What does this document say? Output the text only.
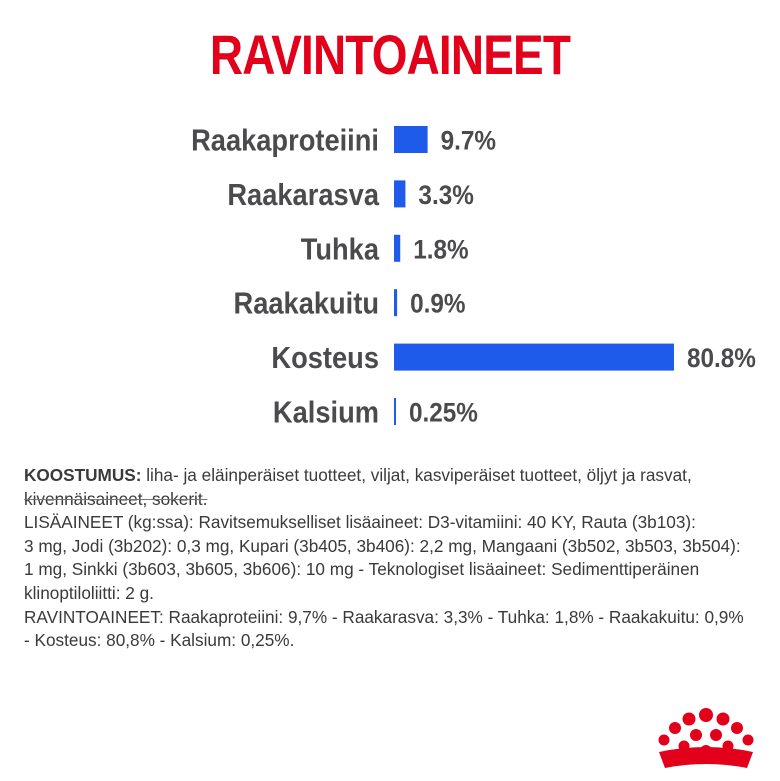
RAVINTOAINEET
Raakaproteiini 9.7%
Raakarasva 3.3%
Tuhka 1.8%
Raakakuitu 0.9%
Kosteus	80.8%
Kalsium 0.25%
KOOSTUMUS: liha- ja eläinperäiset tuotteet, viljat, kasviperäiset tuotteet, öljyt ja rasvat,
kivennäisaineet, sokerit.
LISÄAINEET (kg:ssa): Ravitsemukselliset lisäaineet: D3-vitamiini: 40 KY, Rauta (3b103):
3 mg, Jodi (3b202): 0,3 mg, Kupari (3b405, 3b406): 2,2 mg, Mangaani (3b502, 3b503, 3b504):
1 mg, Sinkki (3b603, 3b605, 3b606): 10 mg - Teknologiset lisäaineet: Sedimenttiperäinen
klinoptiloliitti: 2 g.
RAVINTOAINEET: Raakaproteiini: 9,7% - Raakarasva: 3,3% - Tuhka: 1,8% - Raakakuitu: 0,9%
- Kosteus: 80,8% - Kalsium: 0,25%.
